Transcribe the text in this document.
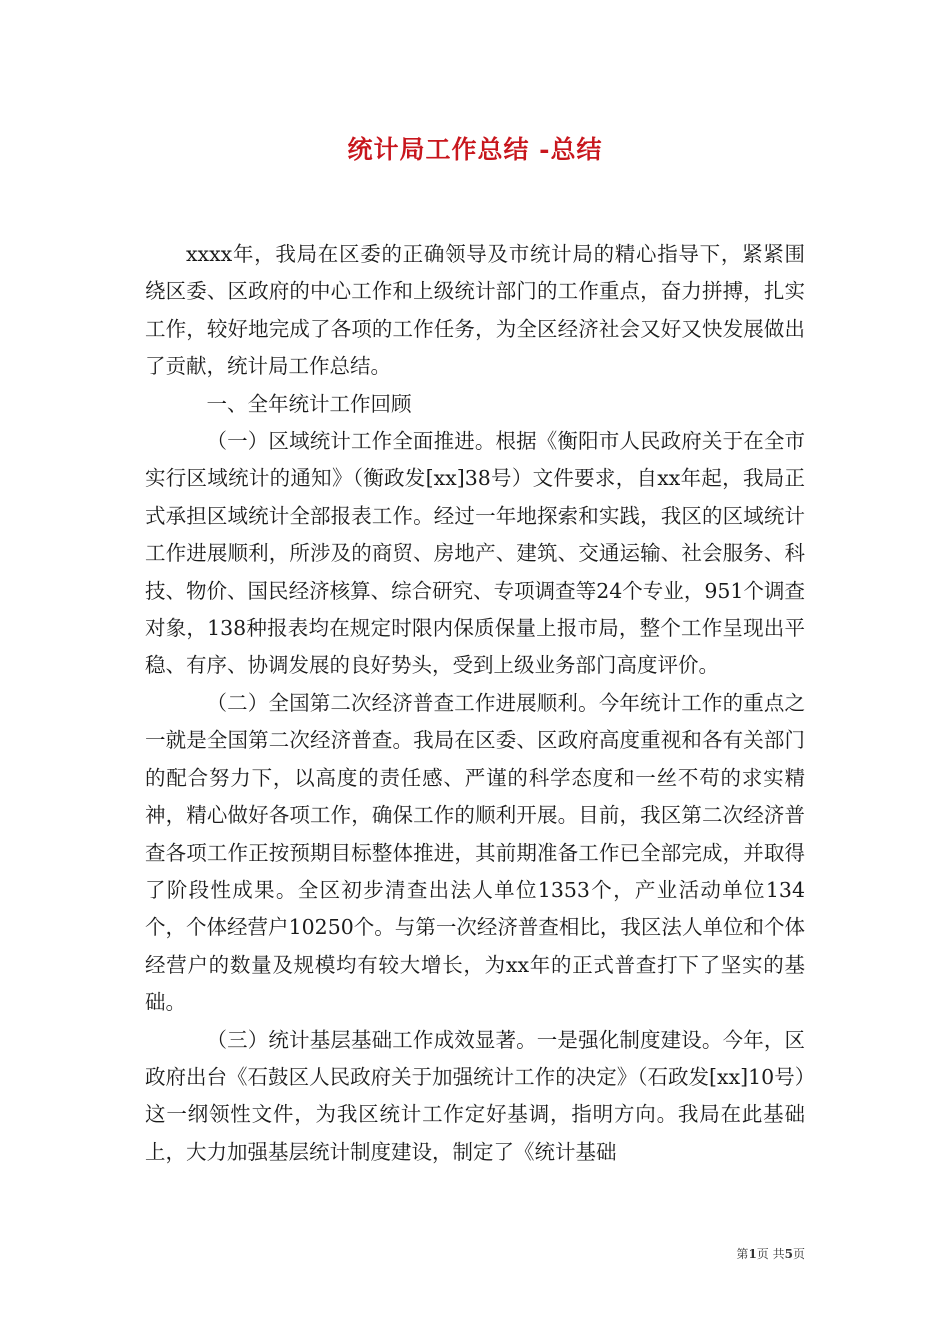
统计局工作总结 -总结

xxxx年，我局在区委的正确领导及市统计局的精心指导下，紧紧围绕区委、区政府的中心工作和上级统计部门的工作重点，奋力拼搏，扎实工作，较好地完成了各项的工作任务，为全区经济社会又好又快发展做出了贡献，统计局工作总结。

一、全年统计工作回顾

（一）区域统计工作全面推进。根据《衡阳市人民政府关于在全市实行区域统计的通知》（衡政发[xx]38号）文件要求，自xx年起，我局正式承担区域统计全部报表工作。经过一年地探索和实践，我区的区域统计工作进展顺利，所涉及的商贸、房地产、建筑、交通运输、社会服务、科技、物价、国民经济核算、综合研究、专项调查等24个专业，951个调查对象，138种报表均在规定时限内保质保量上报市局，整个工作呈现出平稳、有序、协调发展的良好势头，受到上级业务部门高度评价。

（二）全国第二次经济普查工作进展顺利。今年统计工作的重点之一就是全国第二次经济普查。我局在区委、区政府高度重视和各有关部门的配合努力下，以高度的责任感、严谨的科学态度和一丝不苟的求实精神，精心做好各项工作，确保工作的顺利开展。目前，我区第二次经济普查各项工作正按预期目标整体推进，其前期准备工作已全部完成，并取得了阶段性成果。全区初步清查出法人单位1353个，产业活动单位134个，个体经营户10250个。与第一次经济普查相比，我区法人单位和个体经营户的数量及规模均有较大增长，为xx年的正式普查打下了坚实的基础。

（三）统计基层基础工作成效显著。一是强化制度建设。今年，区政府出台《石鼓区人民政府关于加强统计工作的决定》（石政发[xx]10号）这一纲领性文件，为我区统计工作定好基调，指明方向。我局在此基础上，大力加强基层统计制度建设，制定了《统计基础

第1页 共5页
